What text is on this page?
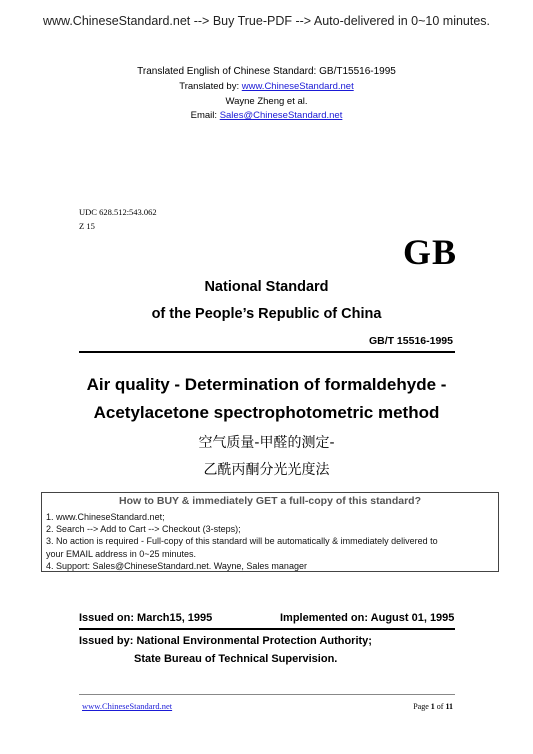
www.ChineseStandard.net --> Buy True-PDF --> Auto-delivered in 0~10 minutes.
Translated English of Chinese Standard: GB/T15516-1995
Translated by: www.ChineseStandard.net
Wayne Zheng et al.
Email: Sales@ChineseStandard.net
UDC 628.512:543.062
Z 15
GB
National Standard
of the People’s Republic of China
GB/T 15516-1995
Air quality - Determination of formaldehyde -
Acetylacetone spectrophotometric method
空气质量-甲醛的测定-
乙酰丙酮分光光度法
How to BUY & immediately GET a full-copy of this standard?
1. www.ChineseStandard.net;
2. Search --> Add to Cart --> Checkout (3-steps);
3. No action is required - Full-copy of this standard will be automatically & immediately delivered to
your EMAIL address in 0~25 minutes.
4. Support: Sales@ChineseStandard.net. Wayne, Sales manager
Issued on: March15, 1995	Implemented on: August 01, 1995
Issued by: National Environmental Protection Authority;
State Bureau of Technical Supervision.
www.ChineseStandard.net	Page 1 of 11
